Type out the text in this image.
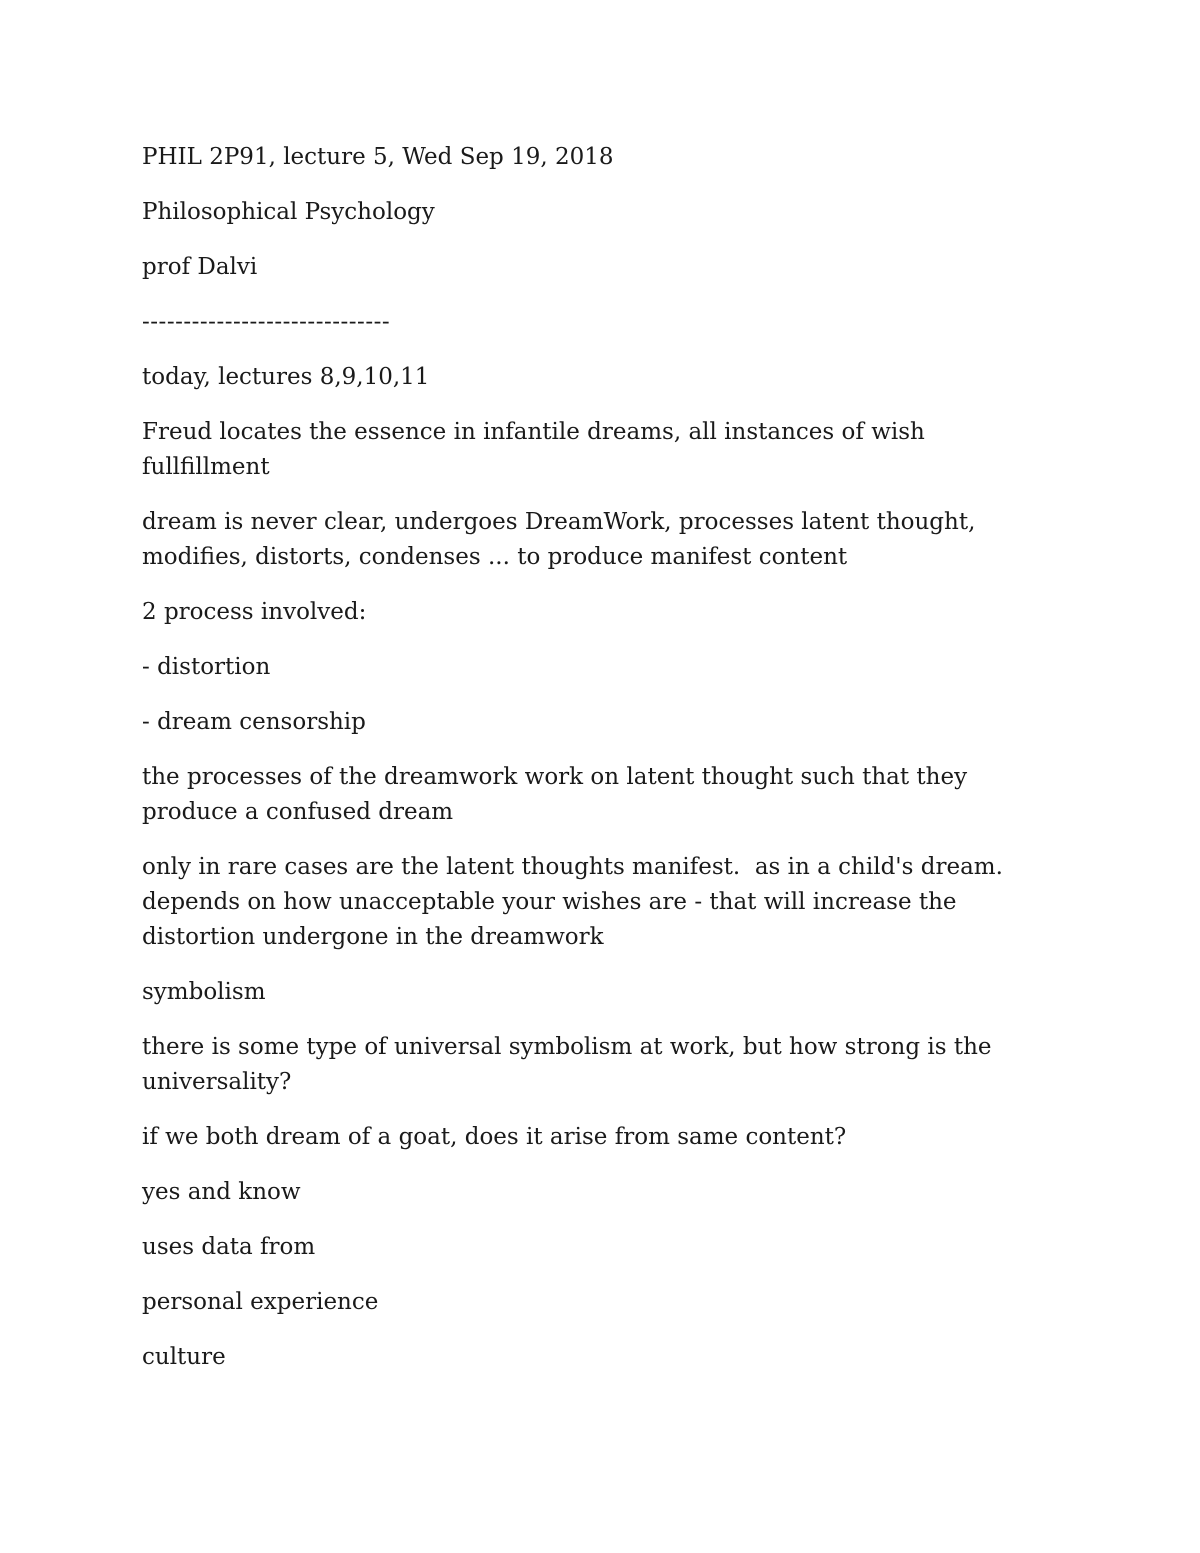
PHIL 2P91, lecture 5, Wed Sep 19, 2018

Philosophical Psychology

prof Dalvi

------------------------------

today, lectures 8,9,10,11

Freud locates the essence in infantile dreams, all instances of wish fullfillment

dream is never clear, undergoes DreamWork, processes latent thought, modifies, distorts, condenses ... to produce manifest content

2 process involved:

- distortion

- dream censorship

the processes of the dreamwork work on latent thought such that they produce a confused dream

only in rare cases are the latent thoughts manifest.  as in a child's dream.  depends on how unacceptable your wishes are - that will increase the distortion undergone in the dreamwork

symbolism

there is some type of universal symbolism at work, but how strong is the universality?

if we both dream of a goat, does it arise from same content?

yes and know

uses data from

personal experience

culture
